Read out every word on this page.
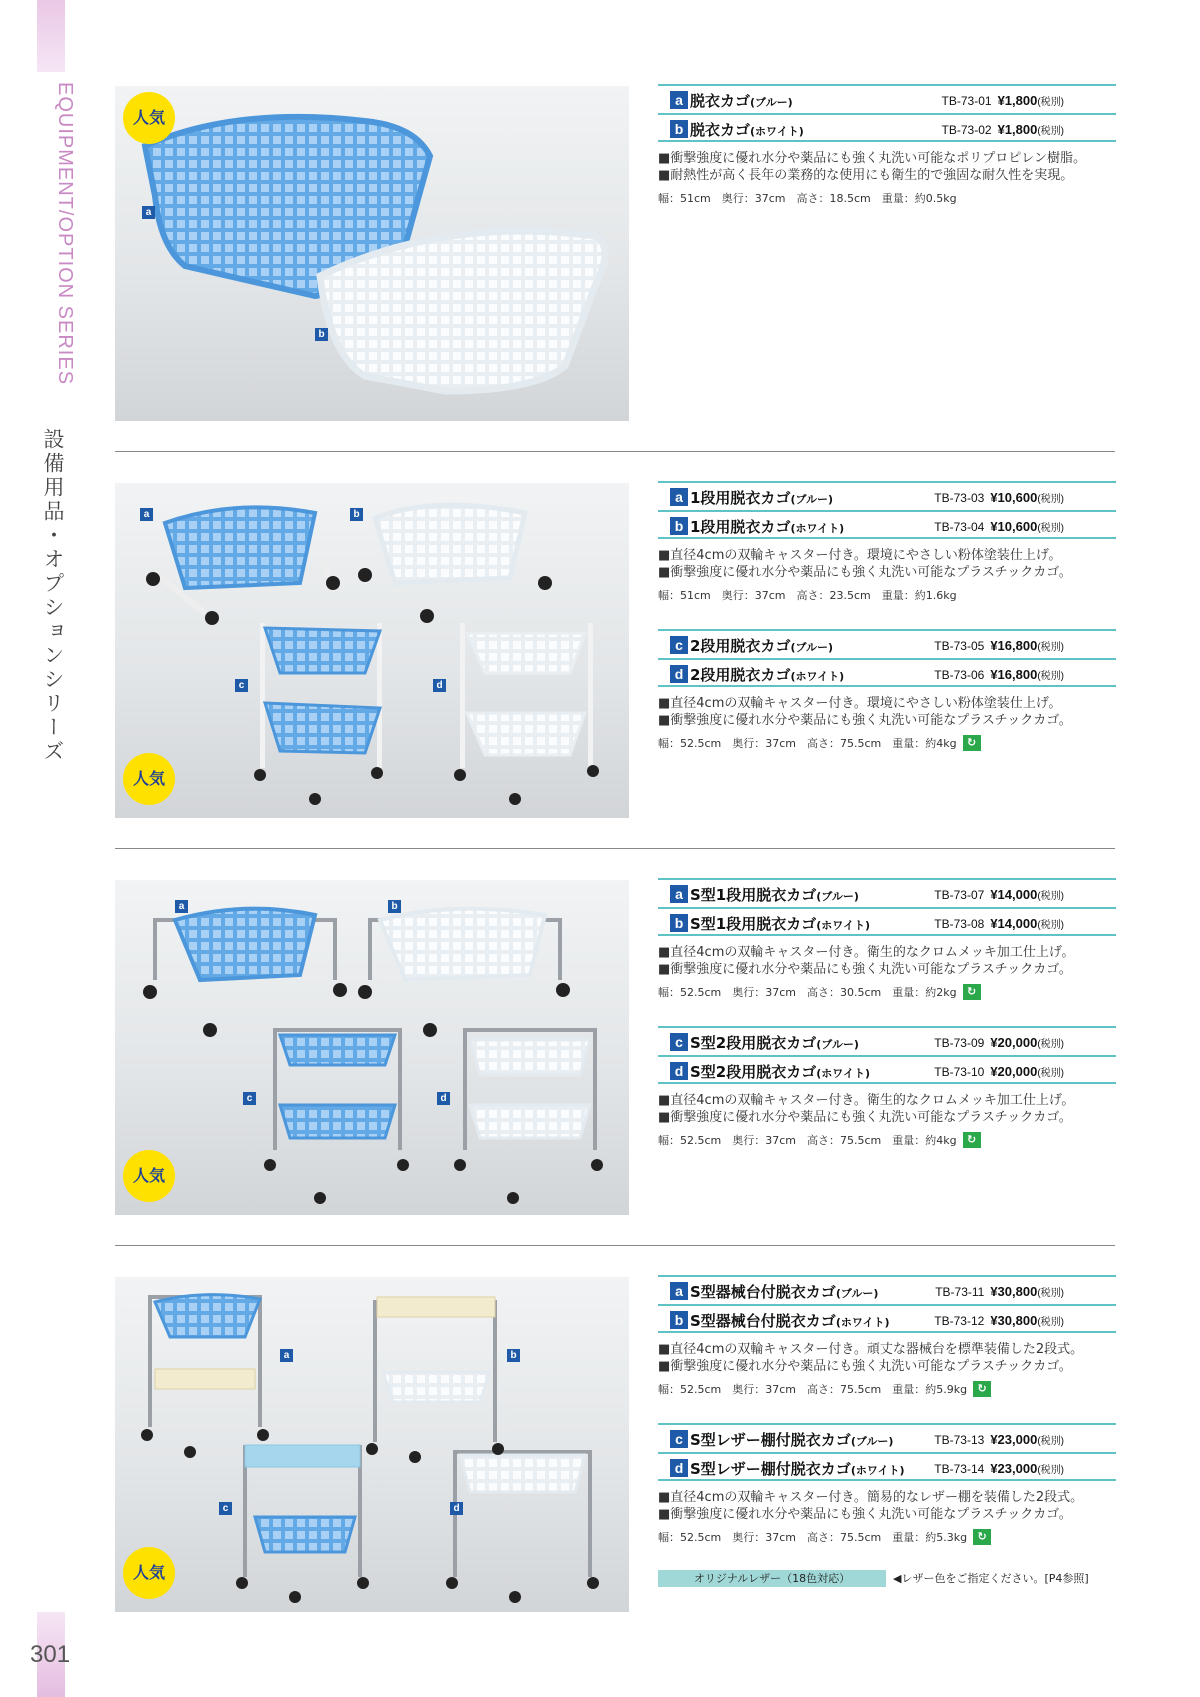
EQUIPMENT/OPTION SERIES
設備用品・オプションシリーズ
301
人気
a
b
a	b
c	d
人気
a	b
c	d
人気
a	b
c	d
人気
a 脱衣カゴ(ブルー)	TB-73-01 ¥1,800(税別)
b 脱衣カゴ(ホワイト)	TB-73-02 ¥1,800(税別)
■衝撃強度に優れ水分や薬品にも強く丸洗い可能なポリプロピレン樹脂。
■耐熱性が高く長年の業務的な使用にも衛生的で強固な耐久性を実現。
幅：51cm　奥行：37cm　高さ：18.5cm　重量：約0.5kg
a 1段用脱衣カゴ(ブルー)	TB-73-03 ¥10,600(税別)
b 1段用脱衣カゴ(ホワイト)	TB-73-04 ¥10,600(税別)
■直径4cmの双輪キャスター付き。環境にやさしい粉体塗装仕上げ。
■衝撃強度に優れ水分や薬品にも強く丸洗い可能なプラスチックカゴ。
幅：51cm　奥行：37cm　高さ：23.5cm　重量：約1.6kg
c 2段用脱衣カゴ(ブルー)	TB-73-05 ¥16,800(税別)
d 2段用脱衣カゴ(ホワイト)	TB-73-06 ¥16,800(税別)
■直径4cmの双輪キャスター付き。環境にやさしい粉体塗装仕上げ。
■衝撃強度に優れ水分や薬品にも強く丸洗い可能なプラスチックカゴ。
幅：52.5cm　奥行：37cm　高さ：75.5cm　重量：約4kg ↻
a S型1段用脱衣カゴ(ブルー)	TB-73-07 ¥14,000(税別)
b S型1段用脱衣カゴ(ホワイト)	TB-73-08 ¥14,000(税別)
■直径4cmの双輪キャスター付き。衛生的なクロムメッキ加工仕上げ。
■衝撃強度に優れ水分や薬品にも強く丸洗い可能なプラスチックカゴ。
幅：52.5cm　奥行：37cm　高さ：30.5cm　重量：約2kg ↻
c S型2段用脱衣カゴ(ブルー)	TB-73-09 ¥20,000(税別)
d S型2段用脱衣カゴ(ホワイト)	TB-73-10 ¥20,000(税別)
■直径4cmの双輪キャスター付き。衛生的なクロムメッキ加工仕上げ。
■衝撃強度に優れ水分や薬品にも強く丸洗い可能なプラスチックカゴ。
幅：52.5cm　奥行：37cm　高さ：75.5cm　重量：約4kg ↻
a S型器械台付脱衣カゴ(ブルー)	TB-73-11 ¥30,800(税別)
b S型器械台付脱衣カゴ(ホワイト)	TB-73-12 ¥30,800(税別)
■直径4cmの双輪キャスター付き。頑丈な器械台を標準装備した2段式。
■衝撃強度に優れ水分や薬品にも強く丸洗い可能なプラスチックカゴ。
幅：52.5cm　奥行：37cm　高さ：75.5cm　重量：約5.9kg ↻
c S型レザー棚付脱衣カゴ(ブルー)	TB-73-13 ¥23,000(税別)
d S型レザー棚付脱衣カゴ(ホワイト) TB-73-14 ¥23,000(税別)
■直径4cmの双輪キャスター付き。簡易的なレザー棚を装備した2段式。
■衝撃強度に優れ水分や薬品にも強く丸洗い可能なプラスチックカゴ。
幅：52.5cm　奥行：37cm　高さ：75.5cm　重量：約5.3kg ↻
オリジナルレザー（18色対応）	◀レザー色をご指定ください。[P4参照]
